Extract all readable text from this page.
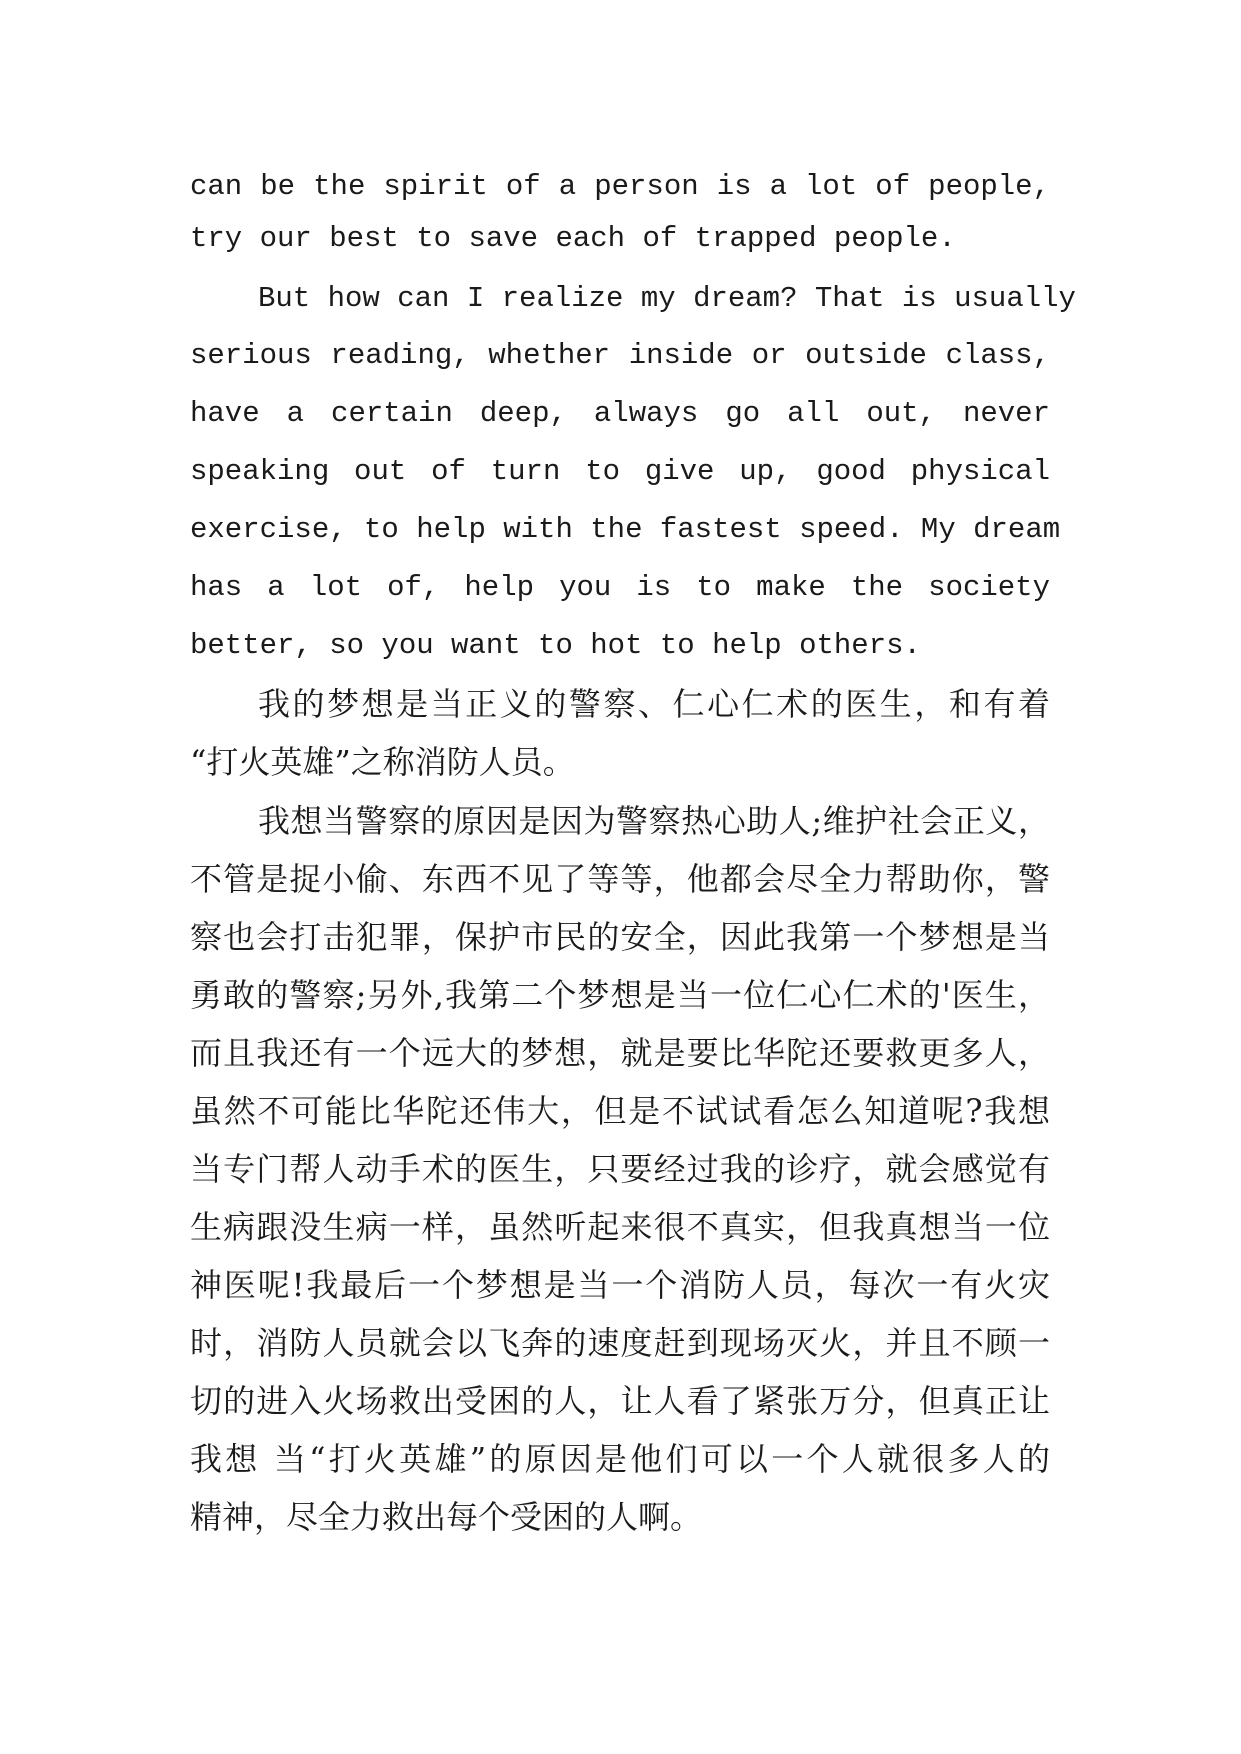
can be the spirit of a person is a lot of people,
try our best to save each of trapped people.
But how can I realize my dream? That is usually
serious reading, whether inside or outside class,
have a certain deep, always go all out, never
speaking out of turn to give up, good physical
exercise, to help with the fastest speed. My dream
has a lot of, help you is to make the society
better, so you want to hot to help others.
我的梦想是当正义的警察、仁心仁术的医生，和有着
“打火英雄”之称消防人员。
我想当警察的原因是因为警察热心助人;维护社会正义，
不管是捉小偷、东西不见了等等，他都会尽全力帮助你，警
察也会打击犯罪，保护市民的安全，因此我第一个梦想是当
勇敢的警察;另外,我第二个梦想是当一位仁心仁术的'医生，
而且我还有一个远大的梦想，就是要比华陀还要救更多人，
虽然不可能比华陀还伟大，但是不试试看怎么知道呢?我想
当专门帮人动手术的医生，只要经过我的诊疗，就会感觉有
生病跟没生病一样，虽然听起来很不真实，但我真想当一位
神医呢!我最后一个梦想是当一个消防人员，每次一有火灾
时，消防人员就会以飞奔的速度赶到现场灭火，并且不顾一
切的进入火场救出受困的人，让人看了紧张万分，但真正让
我想 当“打火英雄”的原因是他们可以一个人就很多人的
精神，尽全力救出每个受困的人啊。
